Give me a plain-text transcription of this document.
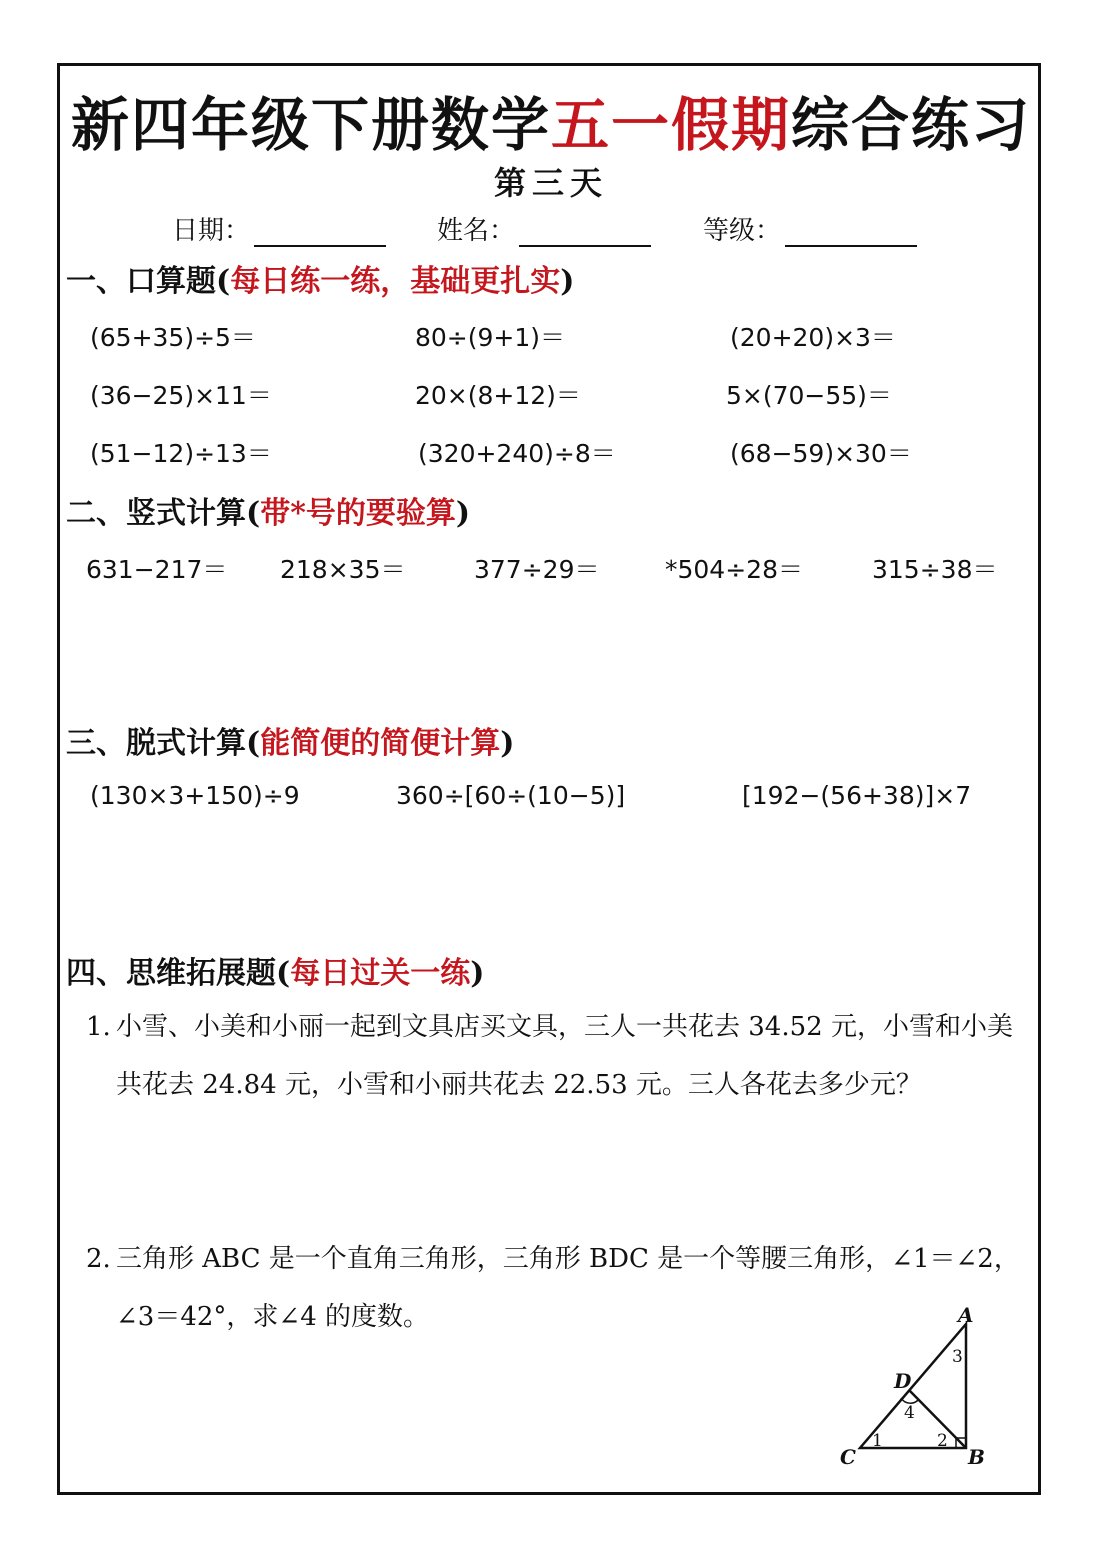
新四年级下册数学五一假期综合练习
第三天
日期：	姓名：	等级：
一、口算题(每日练一练，基础更扎实)
(65+35)÷5＝	80÷(9+1)＝	(20+20)×3＝
(36−25)×11＝	20×(8+12)＝	5×(70−55)＝
(51−12)÷13＝	(320+240)÷8＝	(68−59)×30＝
二、竖式计算(带*号的要验算)
631−217＝ 218×35＝	377÷29＝	*504÷28＝	315÷38＝
三、脱式计算(能简便的简便计算)
(130×3+150)÷9	360÷[60÷(10−5)]	[192−(56+38)]×7
四、思维拓展题(每日过关一练)
1. 小雪、小美和小丽一起到文具店买文具，三人一共花去 34.52 元，小雪和小美共花去 24.84 元，小雪和小丽共花去 22.53 元。三人各花去多少元？
2. 三角形 ABC 是一个直角三角形，三角形 BDC 是一个等腰三角形，∠1＝∠2，∠3＝42°，求∠4 的度数。	A
B
C
D
3
4
1	2
